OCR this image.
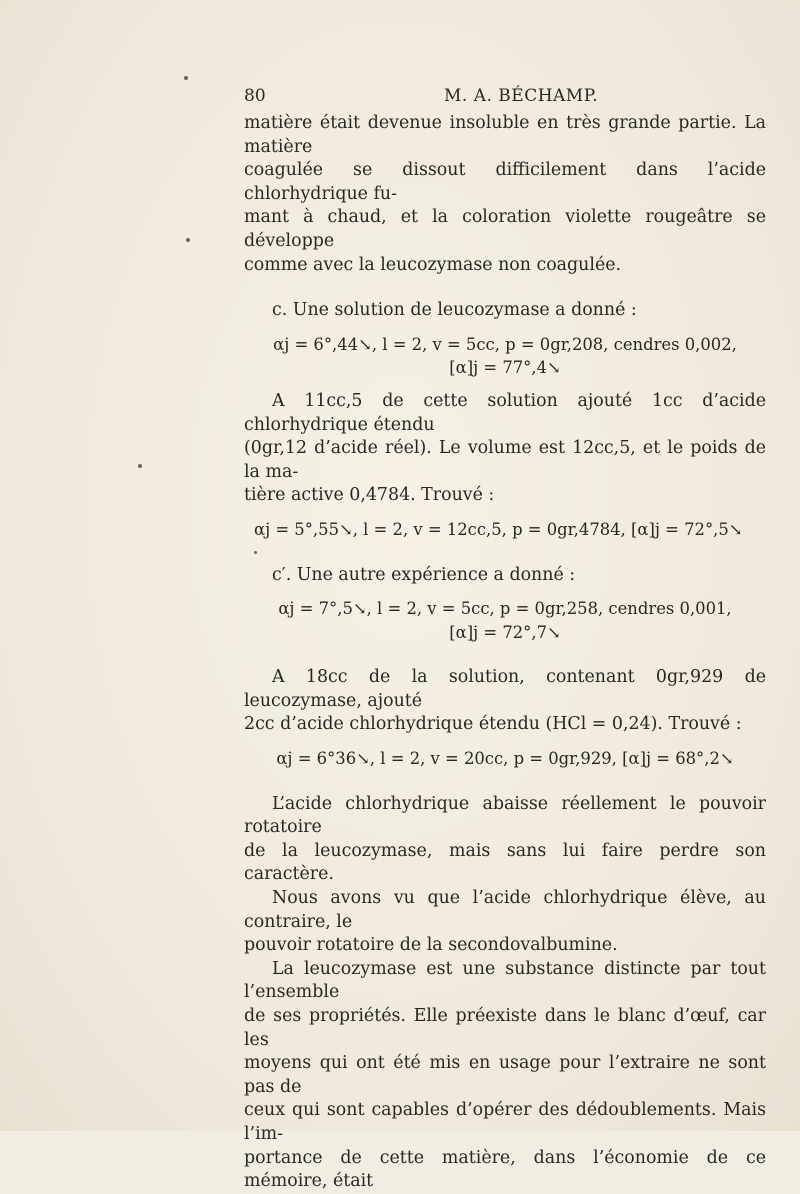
80	M. A. BÉCHAMP.

matière était devenue insoluble en très grande partie. La matière

coagulée se dissout difficilement dans l’acide chlorhydrique fu-

mant à chaud, et la coloration violette rougeâtre se développe

comme avec la leucozymase non coagulée.

c. Une solution de leucozymase a donné :

αj = 6°,44↘, l = 2, v = 5cc, p = 0gr,208, cendres 0,002,

[α]j = 77°,4↘

A 11cc,5 de cette solution ajouté 1cc d’acide chlorhydrique étendu

(0gr,12 d’acide réel). Le volume est 12cc,5, et le poids de la ma-

tière active 0,4784. Trouvé :

αj = 5°,55↘, l = 2, v = 12cc,5, p = 0gr,4784, [α]j = 72°,5↘

c′. Une autre expérience a donné :

αj = 7°,5↘, l = 2, v = 5cc, p = 0gr,258, cendres 0,001,

[α]j = 72°,7↘

A 18cc de la solution, contenant 0gr,929 de leucozymase, ajouté

2cc d’acide chlorhydrique étendu (HCl = 0,24). Trouvé :

αj = 6°36↘, l = 2, v = 20cc, p = 0gr,929, [α]j = 68°,2↘

L’acide chlorhydrique abaisse réellement le pouvoir rotatoire

de la leucozymase, mais sans lui faire perdre son caractère.

Nous avons vu que l’acide chlorhydrique élève, au contraire, le

pouvoir rotatoire de la secondovalbumine.

La leucozymase est une substance distincte par tout l’ensemble

de ses propriétés. Elle préexiste dans le blanc d’œuf, car les

moyens qui ont été mis en usage pour l’extraire ne sont pas de

ceux qui sont capables d’opérer des dédoublements. Mais l’im-

portance de cette matière, dans l’économie de ce mémoire, était
